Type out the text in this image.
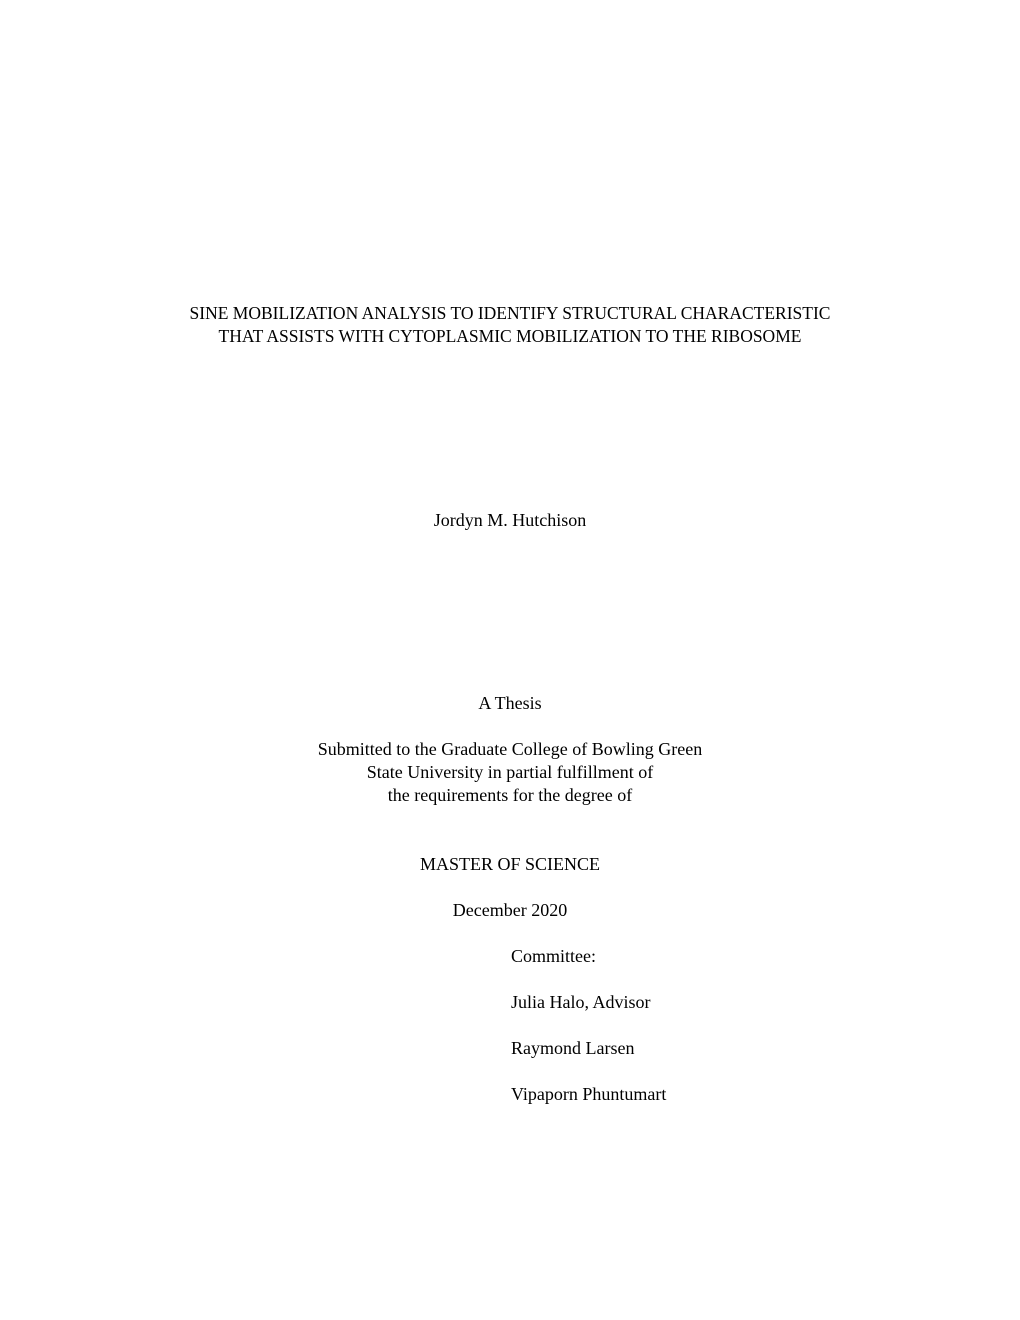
SINE MOBILIZATION ANALYSIS TO IDENTIFY STRUCTURAL CHARACTERISTIC
THAT ASSISTS WITH CYTOPLASMIC MOBILIZATION TO THE RIBOSOME

Jordyn M. Hutchison

A Thesis

Submitted to the Graduate College of Bowling Green

State University in partial fulfillment of

the requirements for the degree of

MASTER OF SCIENCE

December 2020

Committee:

Julia Halo, Advisor

Raymond Larsen

Vipaporn Phuntumart
